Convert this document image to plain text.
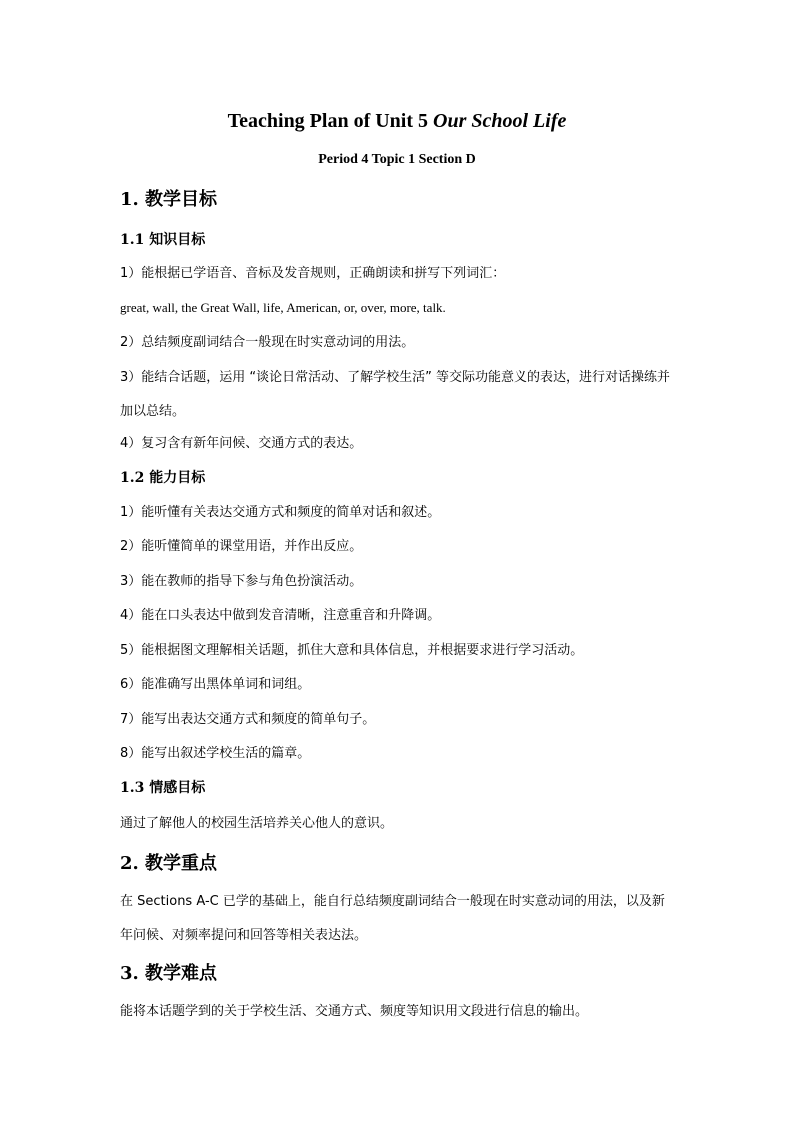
Teaching Plan of Unit 5 Our School Life
Period 4 Topic 1 Section D
1. 教学目标
1.1 知识目标
1）能根据已学语音、音标及发音规则，正确朗读和拼写下列词汇：
great, wall, the Great Wall, life, American, or, over, more, talk.
2）总结频度副词结合一般现在时实意动词的用法。
3）能结合话题，运用 “谈论日常活动、了解学校生活” 等交际功能意义的表达，进行对话操练并加以总结。
4）复习含有新年问候、交通方式的表达。
1.2 能力目标
1）能听懂有关表达交通方式和频度的简单对话和叙述。
2）能听懂简单的课堂用语，并作出反应。
3）能在教师的指导下参与角色扮演活动。
4）能在口头表达中做到发音清晰，注意重音和升降调。
5）能根据图文理解相关话题，抓住大意和具体信息，并根据要求进行学习活动。
6）能准确写出黑体单词和词组。
7）能写出表达交通方式和频度的简单句子。
8）能写出叙述学校生活的篇章。
1.3 情感目标
通过了解他人的校园生活培养关心他人的意识。
2. 教学重点
在 Sections A-C 已学的基础上，能自行总结频度副词结合一般现在时实意动词的用法，以及新年问候、对频率提问和回答等相关表达法。
3. 教学难点
能将本话题学到的关于学校生活、交通方式、频度等知识用文段进行信息的输出。
